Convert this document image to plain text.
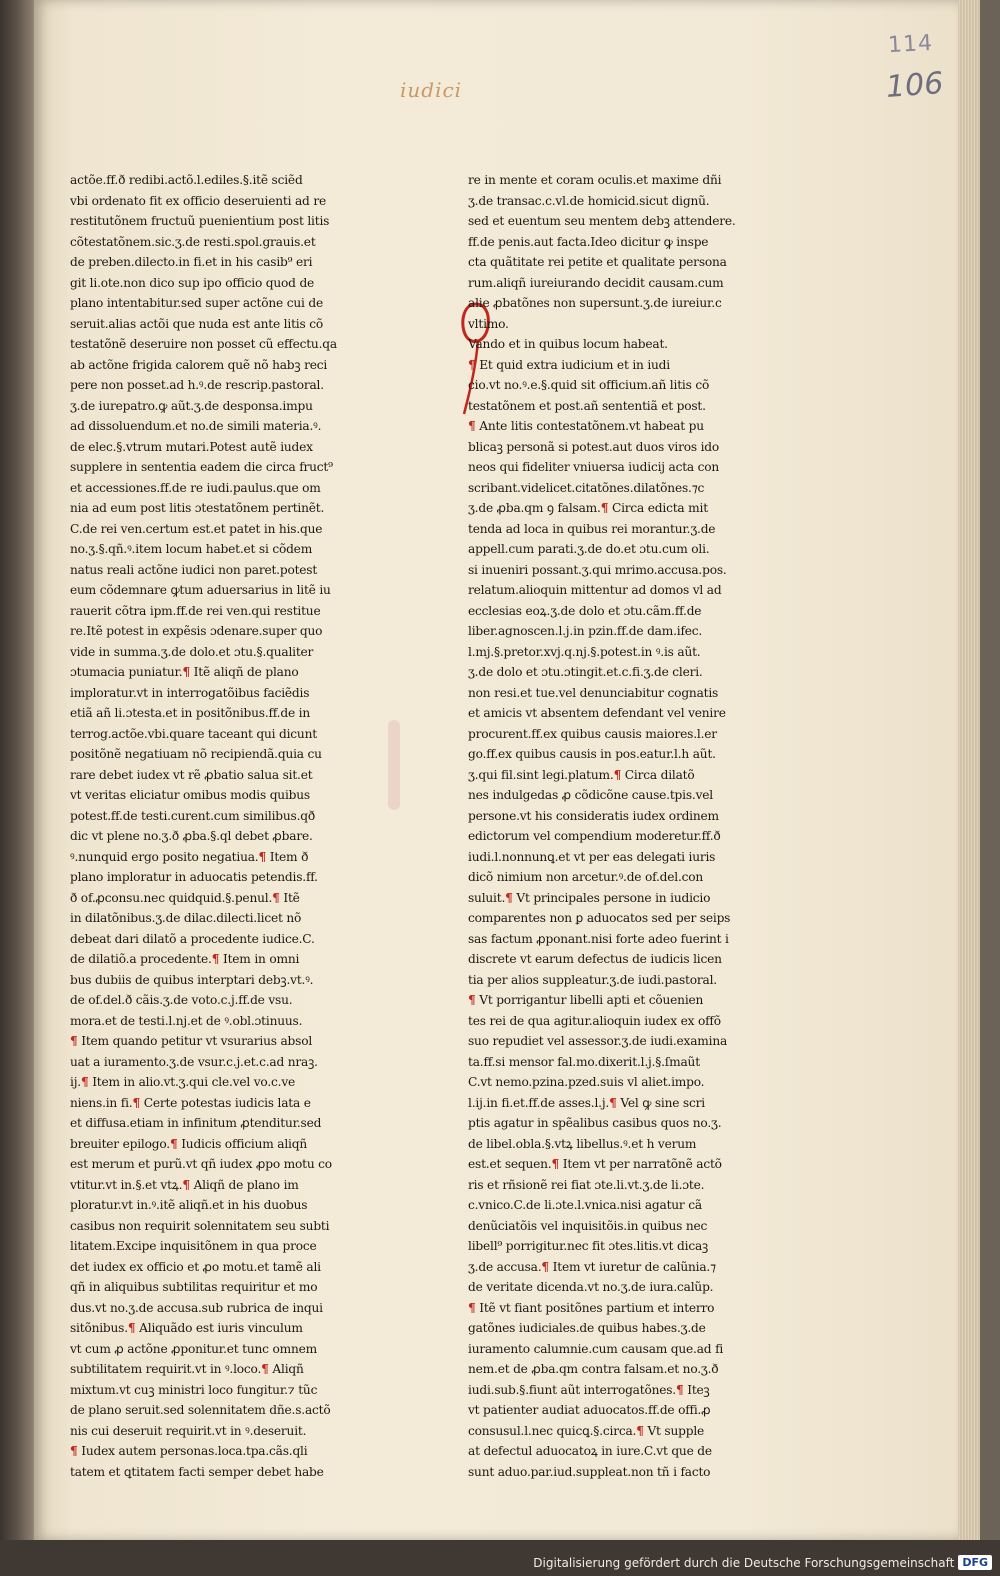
114
106
iudici
actõe.ff.ð redibi.actõ.l.ediles.§.itẽ sciẽd
vbi ordenato fit ex officio deseruienti ad re
restitutõnem fructuũ puenientium post litis
cõtestatõnem.sic.ʒ.de resti.spol.grauis.et
de preben.dilecto.in fi.et in his casib⁹ eri
git li.ote.non dico sup ipo officio quod de
plano intentabitur.sed super actõne cui de
seruit.alias actõi que nuda est ante litis cõ
testatõnẽ deseruire non posset cũ effectu.qa
ab actõne frigida calorem quẽ nõ habꝫ reci
pere non posset.ad h.ꝰ.de rescrip.pastoral.
ʒ.de iurepatro.ꝙ aũt.ʒ.de desponsa.impu
ad dissoluendum.et no.de simili materia.ꝰ.
de elec.§.vtrum mutari.Potest autẽ iudex
supplere in sententia eadem die circa fruct⁹
et accessiones.ff.de re iudi.paulus.que om
nia ad eum post litis ɔtestatõnem pertinẽt.
C.de rei ven.certum est.et patet in his.que
no.ʒ.§.qñ.ꝰ.item locum habet.et si cõdem
natus reali actõne iudici non paret.potest
eum cõdemnare ꝙtum aduersarius in litẽ iu
rauerit cõtra ipm.ff.de rei ven.qui restitue
re.Itẽ potest in expẽsis ɔdenare.super quo
vide in summa.ʒ.de dolo.et ɔtu.§.qualiter
ɔtumacia puniatur.¶ Itẽ aliqñ de plano
imploratur.vt in interrogatõibus faciẽdis
etiã añ li.ɔtesta.et in positõnibus.ff.de in
terrog.actõe.vbi.quare taceant qui dicunt
positõnẽ negatiuam nõ recipiendã.quia cu
rare debet iudex vt rẽ ꝓbatio salua sit.et
vt veritas eliciatur omibus modis quibus
potest.ff.de testi.curent.cum similibus.qð
dic vt plene no.ʒ.ð ꝓba.§.ql debet ꝓbare.
ꝰ.nunquid ergo posito negatiua.¶ Item ð
plano imploratur in aduocatis petendis.ff.
ð of.ꝓconsu.nec quidquid.§.penul.¶ Itẽ
in dilatõnibus.ʒ.de dilac.dilecti.licet nõ
debeat dari dilatõ a procedente iudice.C.
de dilatiõ.a procedente.¶ Item in omni
bus dubiis de quibus interptari debꝫ.vt.ꝰ.
de of.del.ð cãis.ʒ.de voto.c.j.ff.de vsu.
mora.et de testi.l.nj.et de ꝰ.obl.ɔtinuus.
¶ Item quando petitur vt vsurarius absol
uat a iuramento.ʒ.de vsur.c.j.et.c.ad nraꝫ.
ij.¶ Item in alio.vt.ʒ.qui cle.vel vo.c.ve
niens.in fi.¶ Certe potestas iudicis lata e
et diffusa.etiam in infinitum ꝓtenditur.sed
breuiter epilogo.¶ Iudicis officium aliqñ
est merum et purũ.vt qñ iudex ꝓpo motu co
vtitur.vt in.§.et vtꝝ.¶ Aliqñ de plano im
ploratur.vt in.ꝰ.itẽ aliqñ.et in his duobus
casibus non requirit solennitatem seu subti
litatem.Excipe inquisitõnem in qua proce
det iudex ex officio et ꝓo motu.et tamẽ ali
qñ in aliquibus subtilitas requiritur et mo
dus.vt no.ʒ.de accusa.sub rubrica de inqui
sitõnibus.¶ Aliquãdo est iuris vinculum
vt cum ꝓ actõne ꝓponitur.et tunc omnem
subtilitatem requirit.vt in ꝰ.loco.¶ Aliqñ
mixtum.vt cuꝫ ministri loco fungitur.⁊ tũc
de plano seruit.sed solennitatem dñe.s.actõ
nis cui deseruit requirit.vt in ꝰ.deseruit.
¶ Iudex autem personas.loca.tpa.cãs.qli
tatem et ꝗtitatem facti semper debet habe
re in mente et coram oculis.et maxime dñi
ʒ.de transac.c.vl.de homicid.sicut dignũ.
sed et euentum seu mentem debꝫ attendere.
ff.de penis.aut facta.Ideo dicitur ꝙ inspe
cta quãtitate rei petite et qualitate persona
rum.aliqñ iureiurando decidit causam.cum
alie ꝓbatõnes non supersunt.ʒ.de iureiur.c
vltimo.
Vando et in quibus locum habeat.
¶ Et quid extra iudicium et in iudi
cio.vt no.ꝰ.e.§.quid sit officium.añ litis cõ
testatõnem et post.añ sententiã et post.
¶ Ante litis contestatõnem.vt habeat pu
blicaꝫ personã si potest.aut duos viros ido
neos qui fideliter vniuersa iudicij acta con
scribant.videlicet.citatõnes.dilatõnes.⁊c
ʒ.de ꝓba.qm ꝯ falsam.¶ Circa edicta mit
tenda ad loca in quibus rei morantur.ʒ.de
appell.cum parati.ʒ.de do.et ɔtu.cum oli.
si inueniri possant.ʒ.qui mrimo.accusa.pos.
relatum.alioquin mittentur ad domos vl ad
ecclesias eoꝝ.ʒ.de dolo et ɔtu.cãm.ff.de
liber.agnoscen.l.j.in pzin.ff.de dam.ifec.
l.mj.§.pretor.xvj.q.nj.§.potest.in ꝰ.is aũt.
ʒ.de dolo et ɔtu.ɔtingit.et.c.fi.ʒ.de cleri.
non resi.et tue.vel denunciabitur cognatis
et amicis vt absentem defendant vel venire
procurent.ff.ex quibus causis maiores.l.er
go.ff.ex quibus causis in pos.eatur.l.h aũt.
ʒ.qui fil.sint legi.platum.¶ Circa dilatõ
nes indulgedas ꝓ cõdicõne cause.tpis.vel
persone.vt his consideratis iudex ordinem
edictorum vel compendium moderetur.ff.ð
iudi.l.nonnunꝗ.et vt per eas delegati iuris
dicõ nimium non arcetur.ꝰ.de of.del.con
suluit.¶ Vt principales persone in iudicio
comparentes non ꝑ aduocatos sed per seips
sas factum ꝓponant.nisi forte adeo fuerint i
discrete vt earum defectus de iudicis licen
tia per alios suppleatur.ʒ.de iudi.pastoral.
¶ Vt porrigantur libelli apti et cõuenien
tes rei de qua agitur.alioquin iudex ex offõ
suo repudiet vel assessor.ʒ.de iudi.examina
ta.ff.si mensor fal.mo.dixerit.l.j.§.ſmaũt
C.vt nemo.pzina.pzed.suis vl aliet.impo.
l.ij.in fi.et.ff.de asses.l.j.¶ Vel ꝙ sine scri
ptis agatur in spẽalibus casibus quos no.ʒ.
de libel.obla.§.vtꝝ libellus.ꝰ.et h verum
est.et sequen.¶ Item vt per narratõnẽ actõ
ris et rñsionẽ rei fiat ɔte.li.vt.ʒ.de li.ɔte.
c.vnico.C.de li.ɔte.l.vnica.nisi agatur cã
denũciatõis vel inquisitõis.in quibus nec
libell⁹ porrigitur.nec fit ɔtes.litis.vt dicaꝫ
ʒ.de accusa.¶ Item vt iuretur de calũnia.⁊
de veritate dicenda.vt no.ʒ.de iura.calũp.
¶ Itẽ vt fiant positõnes partium et interro
gatõnes iudiciales.de quibus habes.ʒ.de
iuramento calumnie.cum causam que.ad fi
nem.et de ꝓba.qm contra falsam.et no.ʒ.ð
iudi.sub.§.fiunt aũt interrogatõnes.¶ Iteꝫ
vt patienter audiat aduocatos.ff.de offi.ꝓ
consusul.l.nec quicꝗ.§.circa.¶ Vt supple
at defectul aduocatoꝝ in iure.C.vt que de
sunt aduo.par.iud.suppleat.non tñ i facto
Digitalisierung gefördert durch die Deutsche Forschungsgemeinschaft DFG
